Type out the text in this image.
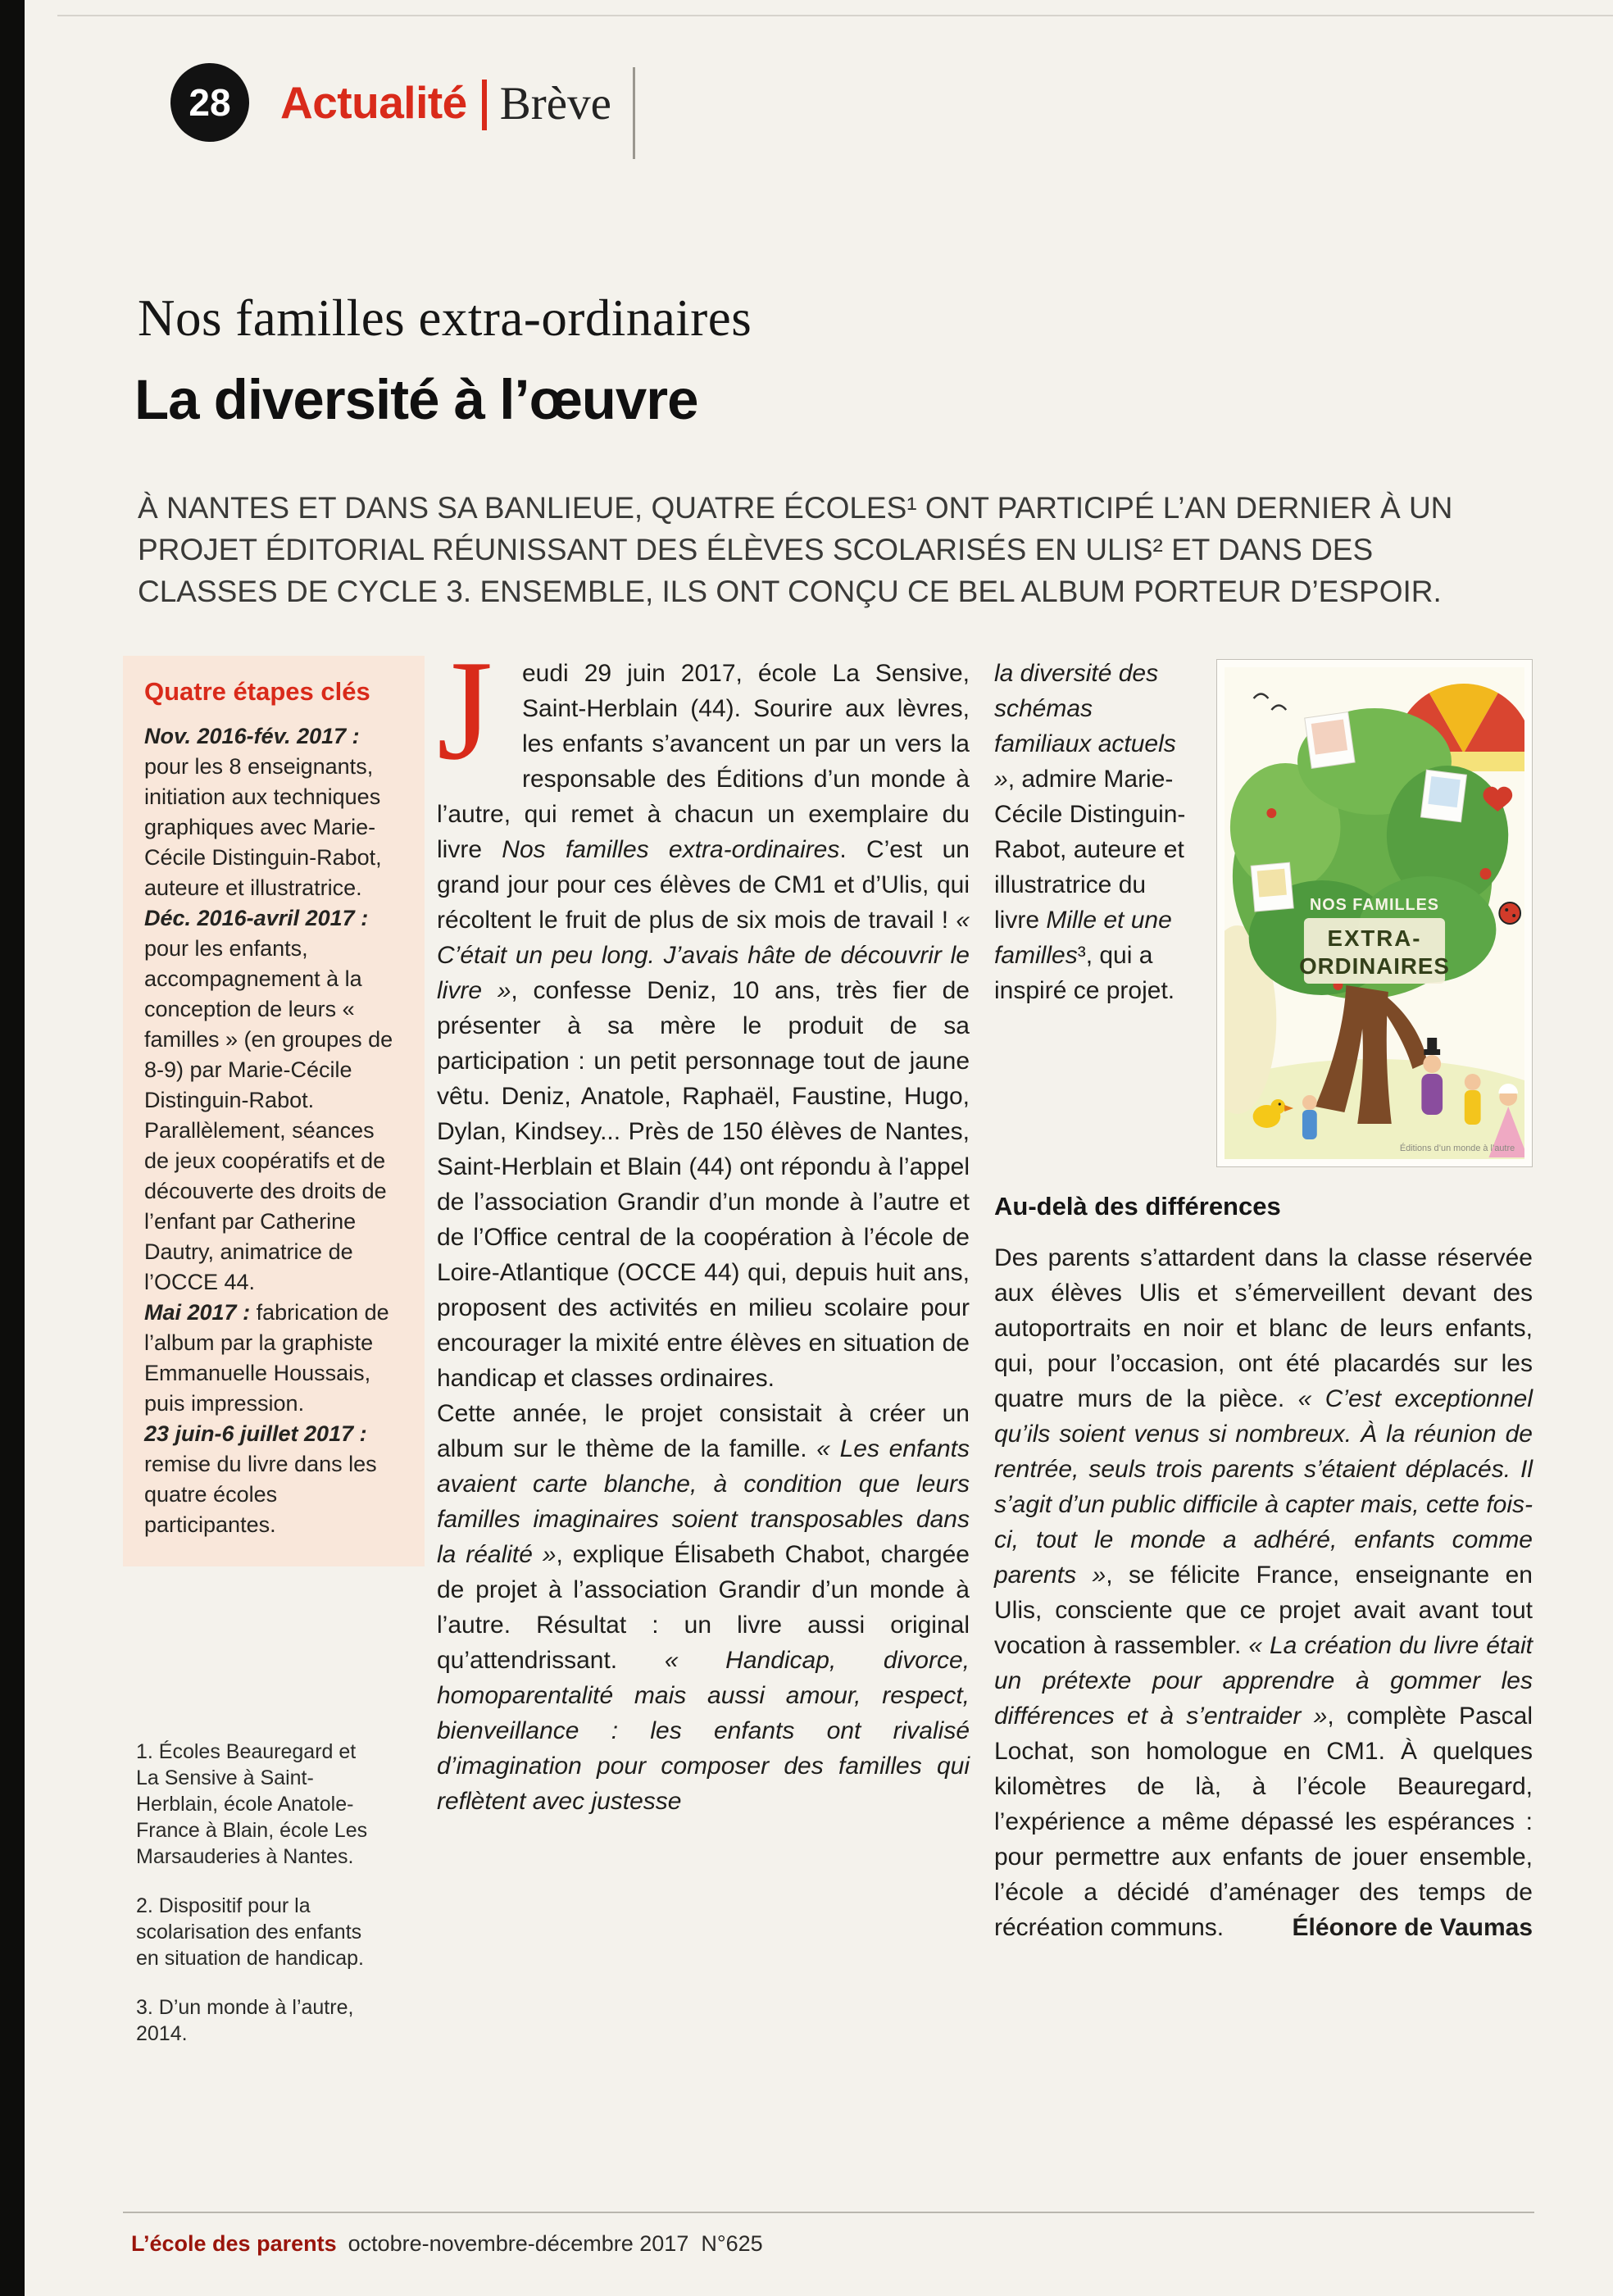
28 Actualité Brève
Nos familles extra-ordinaires
La diversité à l’œuvre
À NANTES ET DANS SA BANLIEUE, QUATRE ÉCOLES¹ ONT PARTICIPÉ L’AN DERNIER À UN PROJET ÉDITORIAL RÉUNISSANT DES ÉLÈVES SCOLARISÉS EN ULIS² ET DANS DES CLASSES DE CYCLE 3. ENSEMBLE, ILS ONT CONÇU CE BEL ALBUM PORTEUR D’ESPOIR.
Quatre étapes clés

Nov. 2016-fév. 2017 : pour les 8 enseignants, initiation aux techniques graphiques avec Marie-Cécile Distinguin-Rabot, auteure et illustratrice.

Déc. 2016-avril 2017 : pour les enfants, accompagnement à la conception de leurs « familles » (en groupes de 8-9) par Marie-Cécile Distinguin-Rabot. Parallèlement, séances de jeux coopératifs et de découverte des droits de l’enfant par Catherine Dautry, animatrice de l’OCCE 44.

Mai 2017 : fabrication de l’album par la graphiste Emmanuelle Houssais, puis impression.

23 juin-6 juillet 2017 : remise du livre dans les quatre écoles participantes.

1. Écoles Beauregard et La Sensive à Saint-Herblain, école Anatole-France à Blain, école Les Marsauderies à Nantes.

2. Dispositif pour la scolarisation des enfants en situation de handicap.

3. D’un monde à l’autre, 2014.

J	eudi 29 juin 2017, école La Sensive, Saint-Herblain (44). Sourire aux lèvres, les enfants s’avancent un par un vers la responsable des Éditions d’un monde à l’autre, qui remet à chacun un exemplaire du livre Nos familles extra-ordinaires. C’est un grand jour pour ces élèves de CM1 et d’Ulis, qui récoltent le fruit de plus de six mois de travail ! « C’était un peu long. J’avais hâte de découvrir le livre », confesse Deniz, 10 ans, très fier de présenter à sa mère le produit de sa participation : un petit personnage tout de jaune vêtu. Deniz, Anatole, Raphaël, Faustine, Hugo, Dylan, Kindsey... Près de 150 élèves de Nantes, Saint-Herblain et Blain (44) ont répondu à l’appel de l’association Grandir d’un monde à l’autre et de l’Office central de la coopération à l’école de Loire-Atlantique (OCCE 44) qui, depuis huit ans, proposent des activités en milieu scolaire pour encourager la mixité entre élèves en situation de handicap et classes ordinaires.

Cette année, le projet consistait à créer un album sur le thème de la famille. « Les enfants avaient carte blanche, à condition que leurs familles imaginaires soient transposables dans la réalité », explique Élisabeth Chabot, chargée de projet à l’association Grandir d’un monde à l’autre. Résultat : un livre aussi original qu’attendrissant. « Handicap, divorce, homoparentalité mais aussi amour, respect, bienveillance : les enfants ont rivalisé d’imagination pour composer des familles qui reflètent avec justesse

NOS FAMILLES
EXTRA-
ORDINAIRES
Éditions d’un monde à l’autre

la diversité des schémas familiaux actuels », admire Marie-Cécile Distinguin-Rabot, auteure et illustratrice du livre Mille et une familles³, qui a inspiré ce projet.

Au-delà des différences

Des parents s’attardent dans la classe réservée aux élèves Ulis et s’émerveillent devant des autoportraits en noir et blanc de leurs enfants, qui, pour l’occasion, ont été placardés sur les quatre murs de la pièce. « C’est exceptionnel qu’ils soient venus si nombreux. À la réunion de rentrée, seuls trois parents s’étaient déplacés. Il s’agit d’un public difficile à capter mais, cette fois-ci, tout le monde a adhéré, enfants comme parents », se félicite France, enseignante en Ulis, consciente que ce projet avait avant tout vocation à rassembler. « La création du livre était un prétexte pour apprendre à gommer les différences et à s’entraider », complète Pascal Lochat, son homologue en CM1. À quelques kilomètres de là, à l’école Beauregard, l’expérience a même dépassé les espérances : pour permettre aux enfants de jouer ensemble, l’école a décidé d’aménager des temps de récréation communs.	Éléonore de Vaumas

L’école des parents octobre-novembre-décembre 2017  N°625
